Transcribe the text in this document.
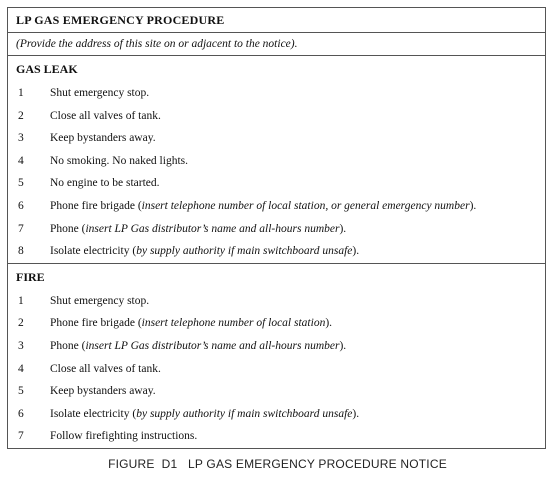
LP GAS EMERGENCY PROCEDURE
(Provide the address of this site on or adjacent to the notice).
GAS LEAK
1	Shut emergency stop.
2	Close all valves of tank.
3	Keep bystanders away.
4	No smoking. No naked lights.
5	No engine to be started.
6	Phone fire brigade (insert telephone number of local station, or general emergency number).
7	Phone (insert LP Gas distributor’s name and all-hours number).
8	Isolate electricity (by supply authority if main switchboard unsafe).
FIRE
1	Shut emergency stop.
2	Phone fire brigade (insert telephone number of local station).
3	Phone (insert LP Gas distributor’s name and all-hours number).
4	Close all valves of tank.
5	Keep bystanders away.
6	Isolate electricity (by supply authority if main switchboard unsafe).
7	Follow firefighting instructions.
FIGURE  D1 LP GAS EMERGENCY PROCEDURE NOTICE
